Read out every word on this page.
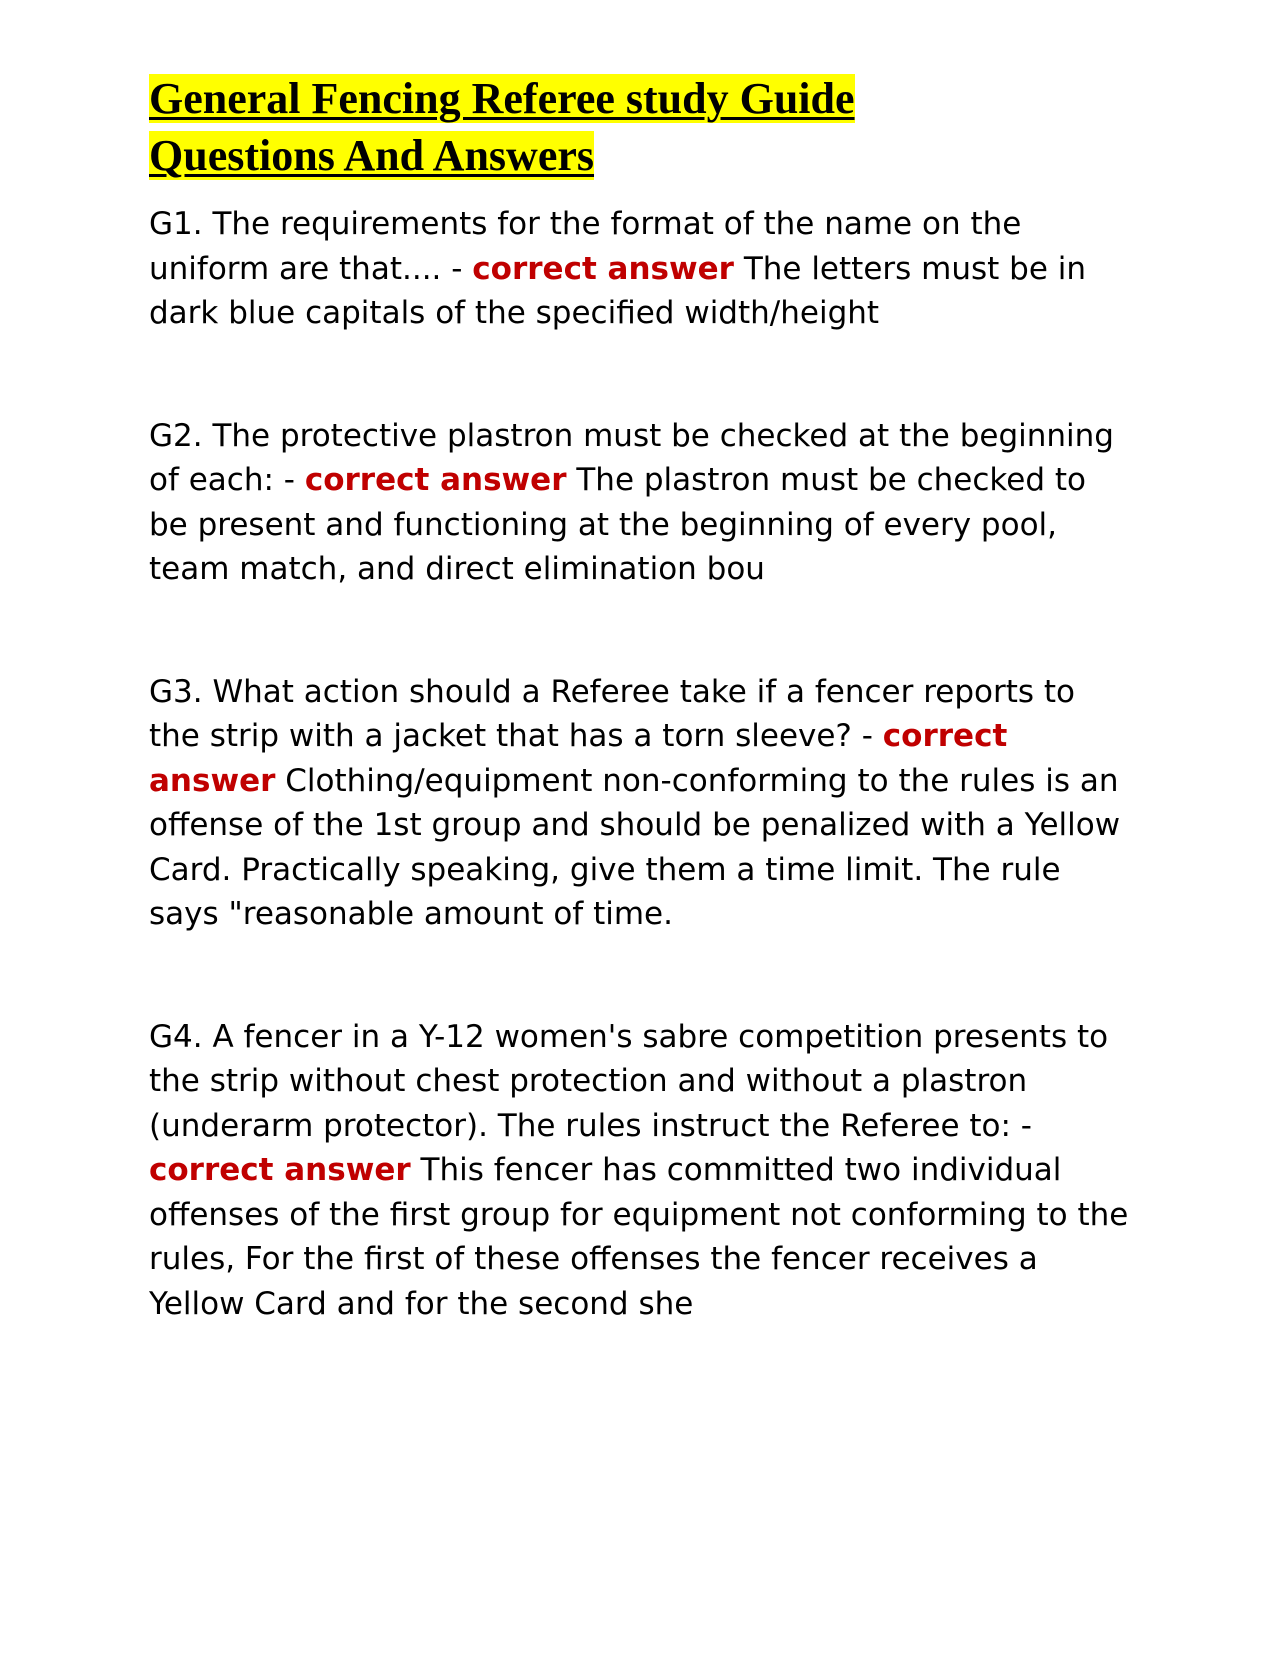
General Fencing Referee study Guide
Questions And Answers

G1. The requirements for the format of the name on the uniform are that.... - correct answer The letters must be in dark blue capitals of the specified width/height

G2. The protective plastron must be checked at the beginning of each: - correct answer The plastron must be checked to be present and functioning at the beginning of every pool, team match, and direct elimination bou

G3. What action should a Referee take if a fencer reports to the strip with a jacket that has a torn sleeve? - correct answer Clothing/equipment non-conforming to the rules is an offense of the 1st group and should be penalized with a Yellow Card. Practically speaking, give them a time limit. The rule says "reasonable amount of time.

G4. A fencer in a Y-12 women's sabre competition presents to the strip without chest protection and without a plastron (underarm protector). The rules instruct the Referee to: - correct answer This fencer has committed two individual offenses of the first group for equipment not conforming to the rules, For the first of these offenses the fencer receives a Yellow Card and for the second she
